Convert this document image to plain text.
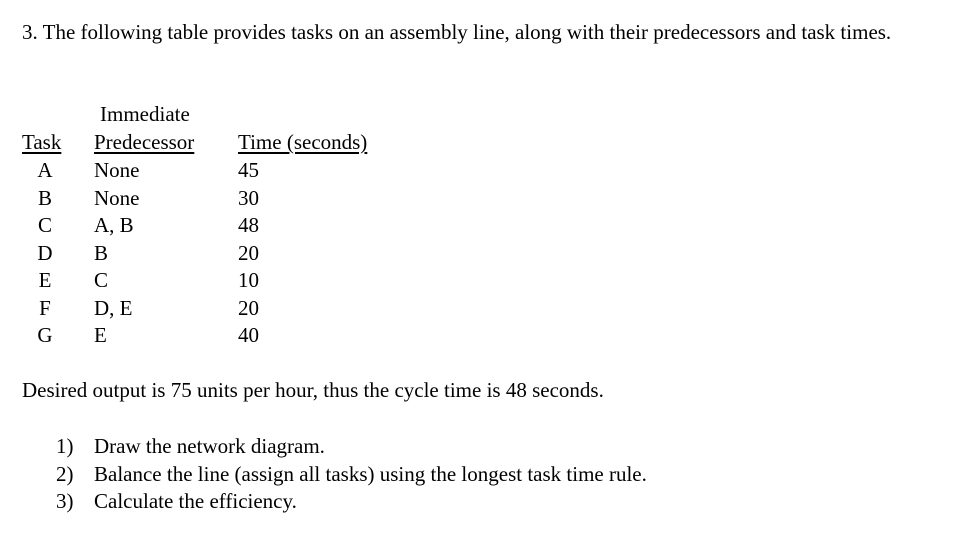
3. The following table provides tasks on an assembly line, along with their predecessors and task times.

Immediate
Task Predecessor Time (seconds)
A	None	45
B	None	30
C	A, B	48
D	B	20
E	C	10
F	D, E	20
G	E	40

Desired output is 75 units per hour, thus the cycle time is 48 seconds.

1) Draw the network diagram.
2) Balance the line (assign all tasks) using the longest task time rule.
3) Calculate the efficiency.
